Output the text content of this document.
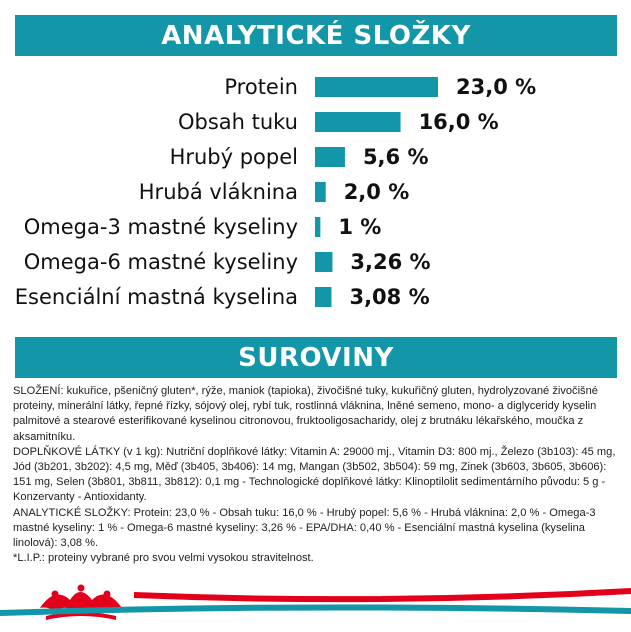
ANALYTICKÉ SLOŽKY
Protein	23,0 %
Obsah tuku	16,0 %
Hrubý popel	5,6 %
Hrubá vláknina 2,0 %
Omega-3 mastné kyseliny 1 %
Omega-6 mastné kyseliny 3,26 %
Esenciální mastná kyselina 3,08 %
SUROVINY

SLOŽENÍ: kukuřice, pšeničný gluten*, rýže, maniok (tapioka), živočišné tuky, kukuřičný gluten, hydrolyzované živočišné proteiny, minerální látky, řepné řízky, sójový olej, rybí tuk, rostlinná vláknina, lněné semeno, mono- a diglyceridy kyselin palmitové a stearové esterifikované kyselinou citronovou, fruktooligosacharidy, olej z brutnáku lékařského, moučka z aksamitníku.

DOPLŇKOVÉ LÁTKY (v 1 kg): Nutriční doplňkové látky: Vitamin A: 29000 mj., Vitamin D3: 800 mj., Železo (3b103): 45 mg, Jód (3b201, 3b202): 4,5 mg, Měď (3b405, 3b406): 14 mg, Mangan (3b502, 3b504): 59 mg, Zinek (3b603, 3b605, 3b606): 151 mg, Selen (3b801, 3b811, 3b812): 0,1 mg - Technologické doplňkové látky: Klinoptilolit sedimentárního původu: 5 g - Konzervanty - Antioxidanty.

ANALYTICKÉ SLOŽKY: Protein: 23,0 % - Obsah tuku: 16,0 % - Hrubý popel: 5,6 % - Hrubá vláknina: 2,0 % - Omega-3 mastné kyseliny: 1 % - Omega-6 mastné kyseliny: 3,26 % - EPA/DHA: 0,40 % - Esenciální mastná kyselina (kyselina linolová): 3,08 %.

*L.I.P.: proteiny vybrané pro svou velmi vysokou stravitelnost.
